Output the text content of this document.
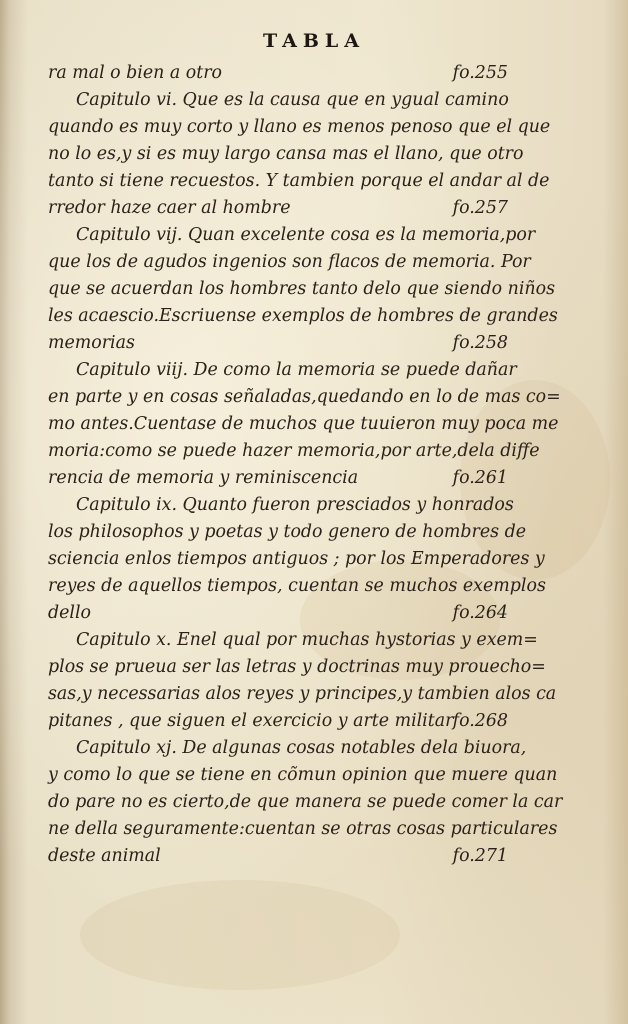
TABLA
ra mal o bien a otro	fo.255
Capitulo vi. Que es la causa que en ygual camino
quando es muy corto y llano es menos penoso que el que
no lo es,y si es muy largo cansa mas el llano, que otro
tanto si tiene recuestos. Y tambien porque el andar al de
rredor haze caer al hombre	fo.257
Capitulo vij. Quan excelente cosa es la memoria,por
que los de agudos ingenios son flacos de memoria. Por
que se acuerdan los hombres tanto delo que siendo niños
les acaescio.Escriuense exemplos de hombres de grandes
memorias	fo.258
Capitulo viij. De como la memoria se puede dañar
en parte y en cosas señaladas,quedando en lo de mas co=
mo antes.Cuentase de muchos que tuuieron muy poca me
moria:como se puede hazer memoria,por arte,dela diffe
rencia de memoria y reminiscencia	fo.261
Capitulo ix. Quanto fueron presciados y honrados
los philosophos y poetas y todo genero de hombres de
sciencia enlos tiempos antiguos ; por los Emperadores y
reyes de aquellos tiempos, cuentan se muchos exemplos
dello	fo.264
Capitulo x. Enel qual por muchas hystorias y exem=
plos se prueua ser las letras y doctrinas muy prouecho=
sas,y necessarias alos reyes y principes,y tambien alos ca
pitanes , que siguen el exercicio y arte militar fo.268
Capitulo xj. De algunas cosas notables dela biuora,
y como lo que se tiene en cõmun opinion que muere quan
do pare no es cierto,de que manera se puede comer la car
ne della seguramente:cuentan se otras cosas particulares
deste animal	fo.271
